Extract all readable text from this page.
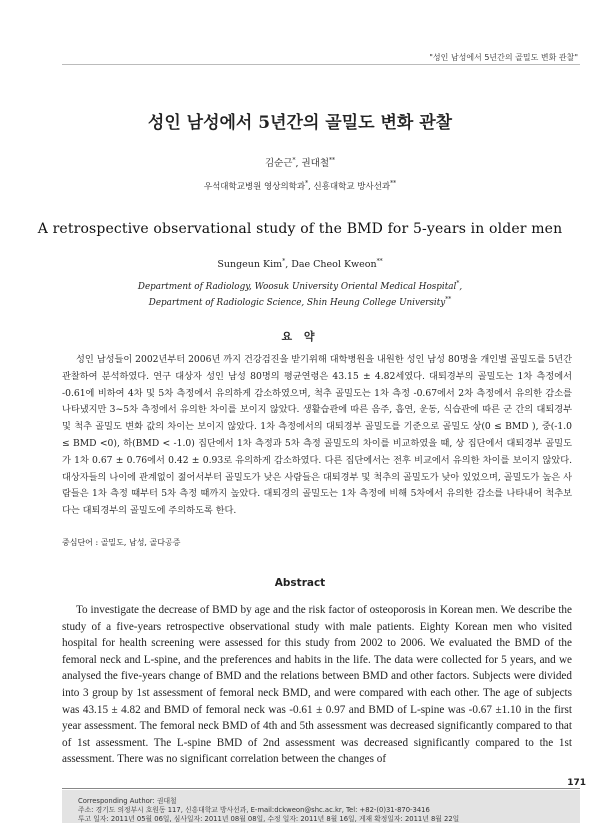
"성인 남성에서 5년간의 골밀도 변화 관찰"
성인 남성에서 5년간의 골밀도 변화 관찰
김순근*, 권대철**
우석대학교병원 영상의학과*, 신흥대학교 방사선과**
A retrospective observational study of the BMD for 5-years in older men
Sungeun Kim*, Dae Cheol Kweon**
Department of Radiology, Woosuk University Oriental Medical Hospital*,
Department of Radiologic Science, Shin Heung College University**
요 약

성인 남성들이 2002년부터 2006년 까지 건강검진을 받기위해 대학병원을 내원한 성인 남성 80명을 개인별 골밀도를 5년간 관찰하여 분석하였다. 연구 대상자 성인 남성 80명의 평균연령은 43.15 ± 4.82세였다. 대퇴경부의 골밀도는 1차 측정에서 -0.61에 비하여 4차 및 5차 측정에서 유의하게 감소하였으며, 척추 골밀도는 1차 측정 -0.67에서 2차 측정에서 유의한 감소를 나타냈지만 3~5차 측정에서 유의한 차이를 보이지 않았다. 생활습관에 따른 음주, 흡연, 운동, 식습관에 따른 군 간의 대퇴경부 및 척추 골밀도 변화 값의 차이는 보이지 않았다. 1차 측정에서의 대퇴경부 골밀도를 기준으로 골밀도 상(0 ≤ BMD ), 중(-1.0 ≤ BMD <0), 하(BMD < -1.0) 집단에서 1차 측정과 5차 측정 골밀도의 차이를 비교하였을 때, 상 집단에서 대퇴경부 골밀도가 1차 0.67 ± 0.76에서 0.42 ± 0.93로 유의하게 감소하였다. 다른 집단에서는 전후 비교에서 유의한 차이를 보이지 않았다. 대상자들의 나이에 관계없이 젊어서부터 골밀도가 낮은 사람들은 대퇴경부 및 척추의 골밀도가 낮아 있었으며, 골밀도가 높은 사람들은 1차 측정 때부터 5차 측정 때까지 높았다. 대퇴경의 골밀도는 1차 측정에 비해 5차에서 유의한 감소를 나타내어 척추보다는 대퇴경부의 골밀도에 주의하도록 한다.

중심단어 : 골밀도, 남성, 골다공증
Abstract

To investigate the decrease of BMD by age and the risk factor of osteoporosis in Korean men. We describe the study of a five-years retrospective observational study with male patients. Eighty Korean men who visited hospital for health screening were assessed for this study from 2002 to 2006. We evaluated the BMD of the femoral neck and L-spine, and the preferences and habits in the life. The data were collected for 5 years, and we analysed the five-years change of BMD and the relations between BMD and other factors. Subjects were divided into 3 group by 1st assessment of femoral neck BMD, and were compared with each other. The age of subjects was 43.15 ± 4.82 and BMD of femoral neck was -0.61 ± 0.97 and BMD of L-spine was -0.67 ±1.10 in the first year assessment. The femoral neck BMD of 4th and 5th assessment was decreased significantly compared to that of 1st assessment. The L-spine BMD of 2nd assessment was decreased significantly compared to the 1st assessment. There was no significant correlation between the changes of

171
Corresponding Author: 권대철
주소: 경기도 의정부시 호원동 117, 신흥대학교 방사선과, E-mail:dckweon@shc.ac.kr, Tel: +82-(0)31-870-3416
투고 일자: 2011년 05월 06일, 심사일자: 2011년 08월 08일, 수정 일자: 2011년 8월 16일, 게재 확정일자: 2011년 8월 22일
